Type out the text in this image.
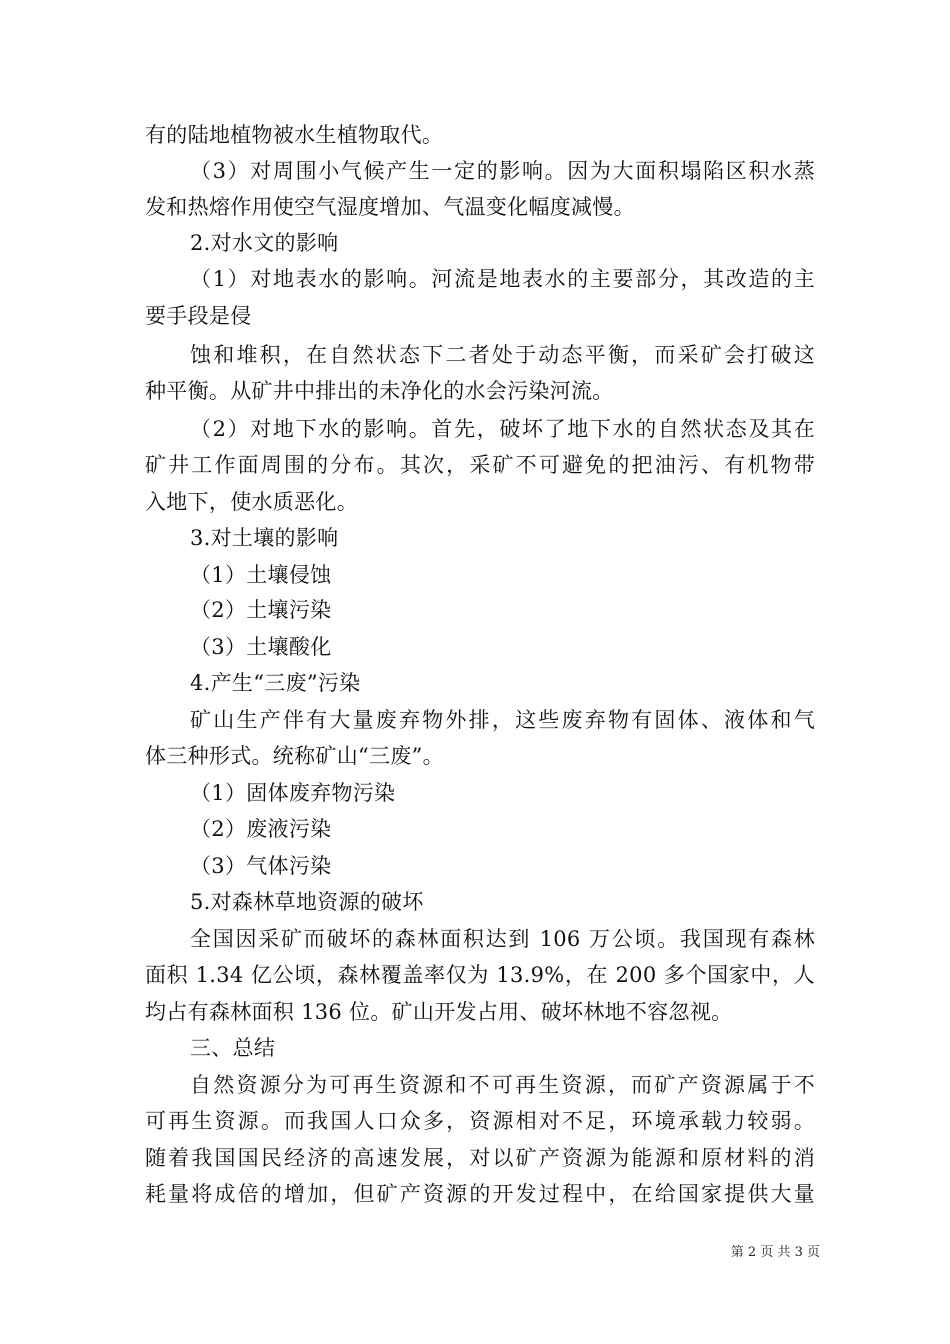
有的陆地植物被水生植物取代。
（3）对周围小气候产生一定的影响。因为大面积塌陷区积水蒸
发和热熔作用使空气湿度增加、气温变化幅度减慢。
2.对水文的影响
（1）对地表水的影响。河流是地表水的主要部分，其改造的主
要手段是侵
蚀和堆积，在自然状态下二者处于动态平衡，而采矿会打破这
种平衡。从矿井中排出的未净化的水会污染河流。
（2）对地下水的影响。首先，破坏了地下水的自然状态及其在
矿井工作面周围的分布。其次，采矿不可避免的把油污、有机物带
入地下，使水质恶化。
3.对土壤的影响
（1）土壤侵蚀
（2）土壤污染
（3）土壤酸化
4.产生“三废”污染
矿山生产伴有大量废弃物外排，这些废弃物有固体、液体和气
体三种形式。统称矿山“三废”。
（1）固体废弃物污染
（2）废液污染
（3）气体污染
5.对森林草地资源的破坏
全国因采矿而破坏的森林面积达到 106 万公顷。我国现有森林
面积 1.34 亿公顷，森林覆盖率仅为 13.9%，在 200 多个国家中，人
均占有森林面积 136 位。矿山开发占用、破坏林地不容忽视。
三、总结
自然资源分为可再生资源和不可再生资源，而矿产资源属于不
可再生资源。而我国人口众多，资源相对不足，环境承载力较弱。
随着我国国民经济的高速发展，对以矿产资源为能源和原材料的消
耗量将成倍的增加，但矿产资源的开发过程中，在给国家提供大量
第 2 页 共 3 页
